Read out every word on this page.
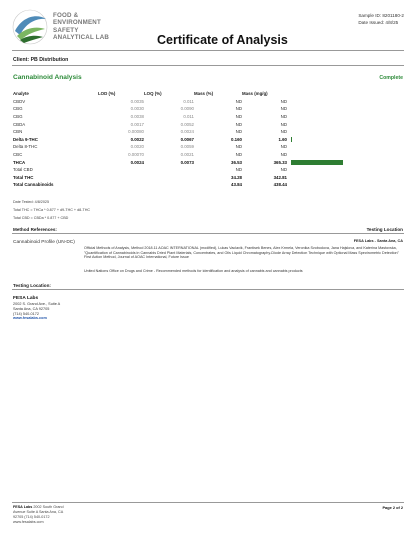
FOOD &
ENVIRONMENT
SAFETY
ANALYTICAL LAB
Sample ID: 8201180-2
Date Issued: 4/8/25
Certificate of Analysis
Client: PB Distribution
Cannabinoid Analysis	Complete
Analyte	LOD (%)	LOQ (%)	Mass (%)	Mass (mg/g)	
CBDV	0.0035	0.011	ND	ND	
CBG	0.0030	0.0090	ND	ND	
CBG	0.0038	0.011	ND	ND	
CBDA	0.0017	0.0052	ND	ND	
CBN	0.00080	0.0024	ND	ND	
Delta 9-THC	0.0022	0.0067	0.160	1.60	

Delta 8-THC	0.0020	0.0059	ND	ND	
CBC	0.00070	0.0021	ND	ND	
THCA	0.0024	0.0073	36.53	365.33	

Total CBD			ND	ND	
Total THC			34.28	342.81	
Total Cannabinoids			43.84	438.44	
Date Tested: 4/8/2025
Total THC = THCa * 0.877 + d9-THC + d8-THC
Total CBD = CBDa * 0.877 + CBD
Method References:	Testing Location
Cannabinoid Profile (UN-DC)	FESA Labs - Santa Ana, CA
Official Methods of Analysis, Method 2018.11 AOAC INTERNATIONAL (modified), Lukas Vaclavik, Frantisek Benes, Alex Krmela, Veronika Svobodova, Jana Hajslova, and Katerina Mastovska, "Quantification of Cannabinoids in Cannabis Dried Plant Materials, Concentrates, and Oils Liquid Chromatography-Diode Array Detection Technique with Optional Mass Spectrometric Detection" First Action Method, Journal of AOAC International, Future Issue
United Nations Office on Drugs and Crime - Recommended methods for identification and analysis of cannabis and cannabis products
Testing Location:
FESA Labs
2002 S. Grand Ave., Suite A
Santa Ana, CA 92705
(714) 540-0172
www.fesalabs.com
FESA Labs 2002 South Grand
Avenue Suite A Santa Ana, CA
92705 (714) 540-0172
www.fesalabs.com
Page 2 of 2
